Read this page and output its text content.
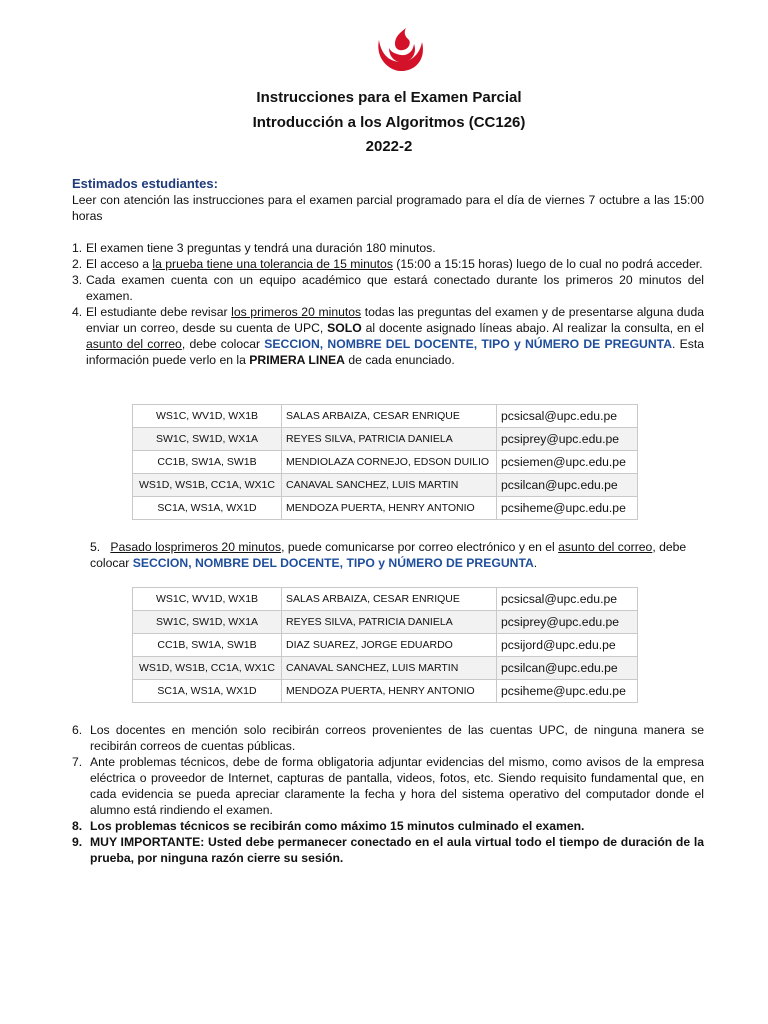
Instrucciones para el Examen Parcial
Introducción a los Algoritmos (CC126)
2022-2
Estimados estudiantes:
Leer con atención las instrucciones para el examen parcial programado para el día de viernes 7 octubre a las 15:00 horas
1. El examen tiene 3 preguntas y tendrá una duración 180 minutos.
2. El acceso a la prueba tiene una tolerancia de 15 minutos (15:00 a 15:15 horas) luego de lo cual no podrá acceder.
3. Cada examen cuenta con un equipo académico que estará conectado durante los primeros 20 minutos del examen.
4. El estudiante debe revisar los primeros 20 minutos todas las preguntas del examen y de presentarse alguna duda enviar un correo, desde su cuenta de UPC, SOLO al docente asignado líneas abajo. Al realizar la consulta, en el asunto del correo, debe colocar SECCION, NOMBRE DEL DOCENTE, TIPO y NÚMERO DE PREGUNTA. Esta información puede verlo en la PRIMERA LINEA de cada enunciado.
WS1C, WV1D, WX1B	SALAS ARBAIZA, CESAR ENRIQUE	pcsicsal@upc.edu.pe
SW1C, SW1D, WX1A	REYES SILVA, PATRICIA DANIELA	pcsiprey@upc.edu.pe
CC1B, SW1A, SW1B	MENDIOLAZA CORNEJO, EDSON DUILIO	pcsiemen@upc.edu.pe
WS1D, WS1B, CC1A, WX1C	CANAVAL SANCHEZ, LUIS MARTIN	pcsilcan@upc.edu.pe
SC1A, WS1A, WX1D	MENDOZA PUERTA, HENRY ANTONIO	pcsiheme@upc.edu.pe
5. Pasado losprimeros 20 minutos, puede comunicarse por correo electrónico y en el asunto del correo, debe colocar SECCION, NOMBRE DEL DOCENTE, TIPO y NÚMERO DE PREGUNTA.
WS1C, WV1D, WX1B	SALAS ARBAIZA, CESAR ENRIQUE	pcsicsal@upc.edu.pe
SW1C, SW1D, WX1A	REYES SILVA, PATRICIA DANIELA	pcsiprey@upc.edu.pe
CC1B, SW1A, SW1B	DIAZ SUAREZ, JORGE EDUARDO	pcsijord@upc.edu.pe
WS1D, WS1B, CC1A, WX1C	CANAVAL SANCHEZ, LUIS MARTIN	pcsilcan@upc.edu.pe
SC1A, WS1A, WX1D	MENDOZA PUERTA, HENRY ANTONIO	pcsiheme@upc.edu.pe
6. Los docentes en mención solo recibirán correos provenientes de las cuentas UPC, de ninguna manera se recibirán correos de cuentas públicas.
7. Ante problemas técnicos, debe de forma obligatoria adjuntar evidencias del mismo, como avisos de la empresa eléctrica o proveedor de Internet, capturas de pantalla, videos, fotos, etc. Siendo requisito fundamental que, en cada evidencia se pueda apreciar claramente la fecha y hora del sistema operativo del computador donde el alumno está rindiendo el examen.
8. Los problemas técnicos se recibirán como máximo 15 minutos culminado el examen.
9. MUY IMPORTANTE: Usted debe permanecer conectado en el aula virtual todo el tiempo de duración de la prueba, por ninguna razón cierre su sesión.
